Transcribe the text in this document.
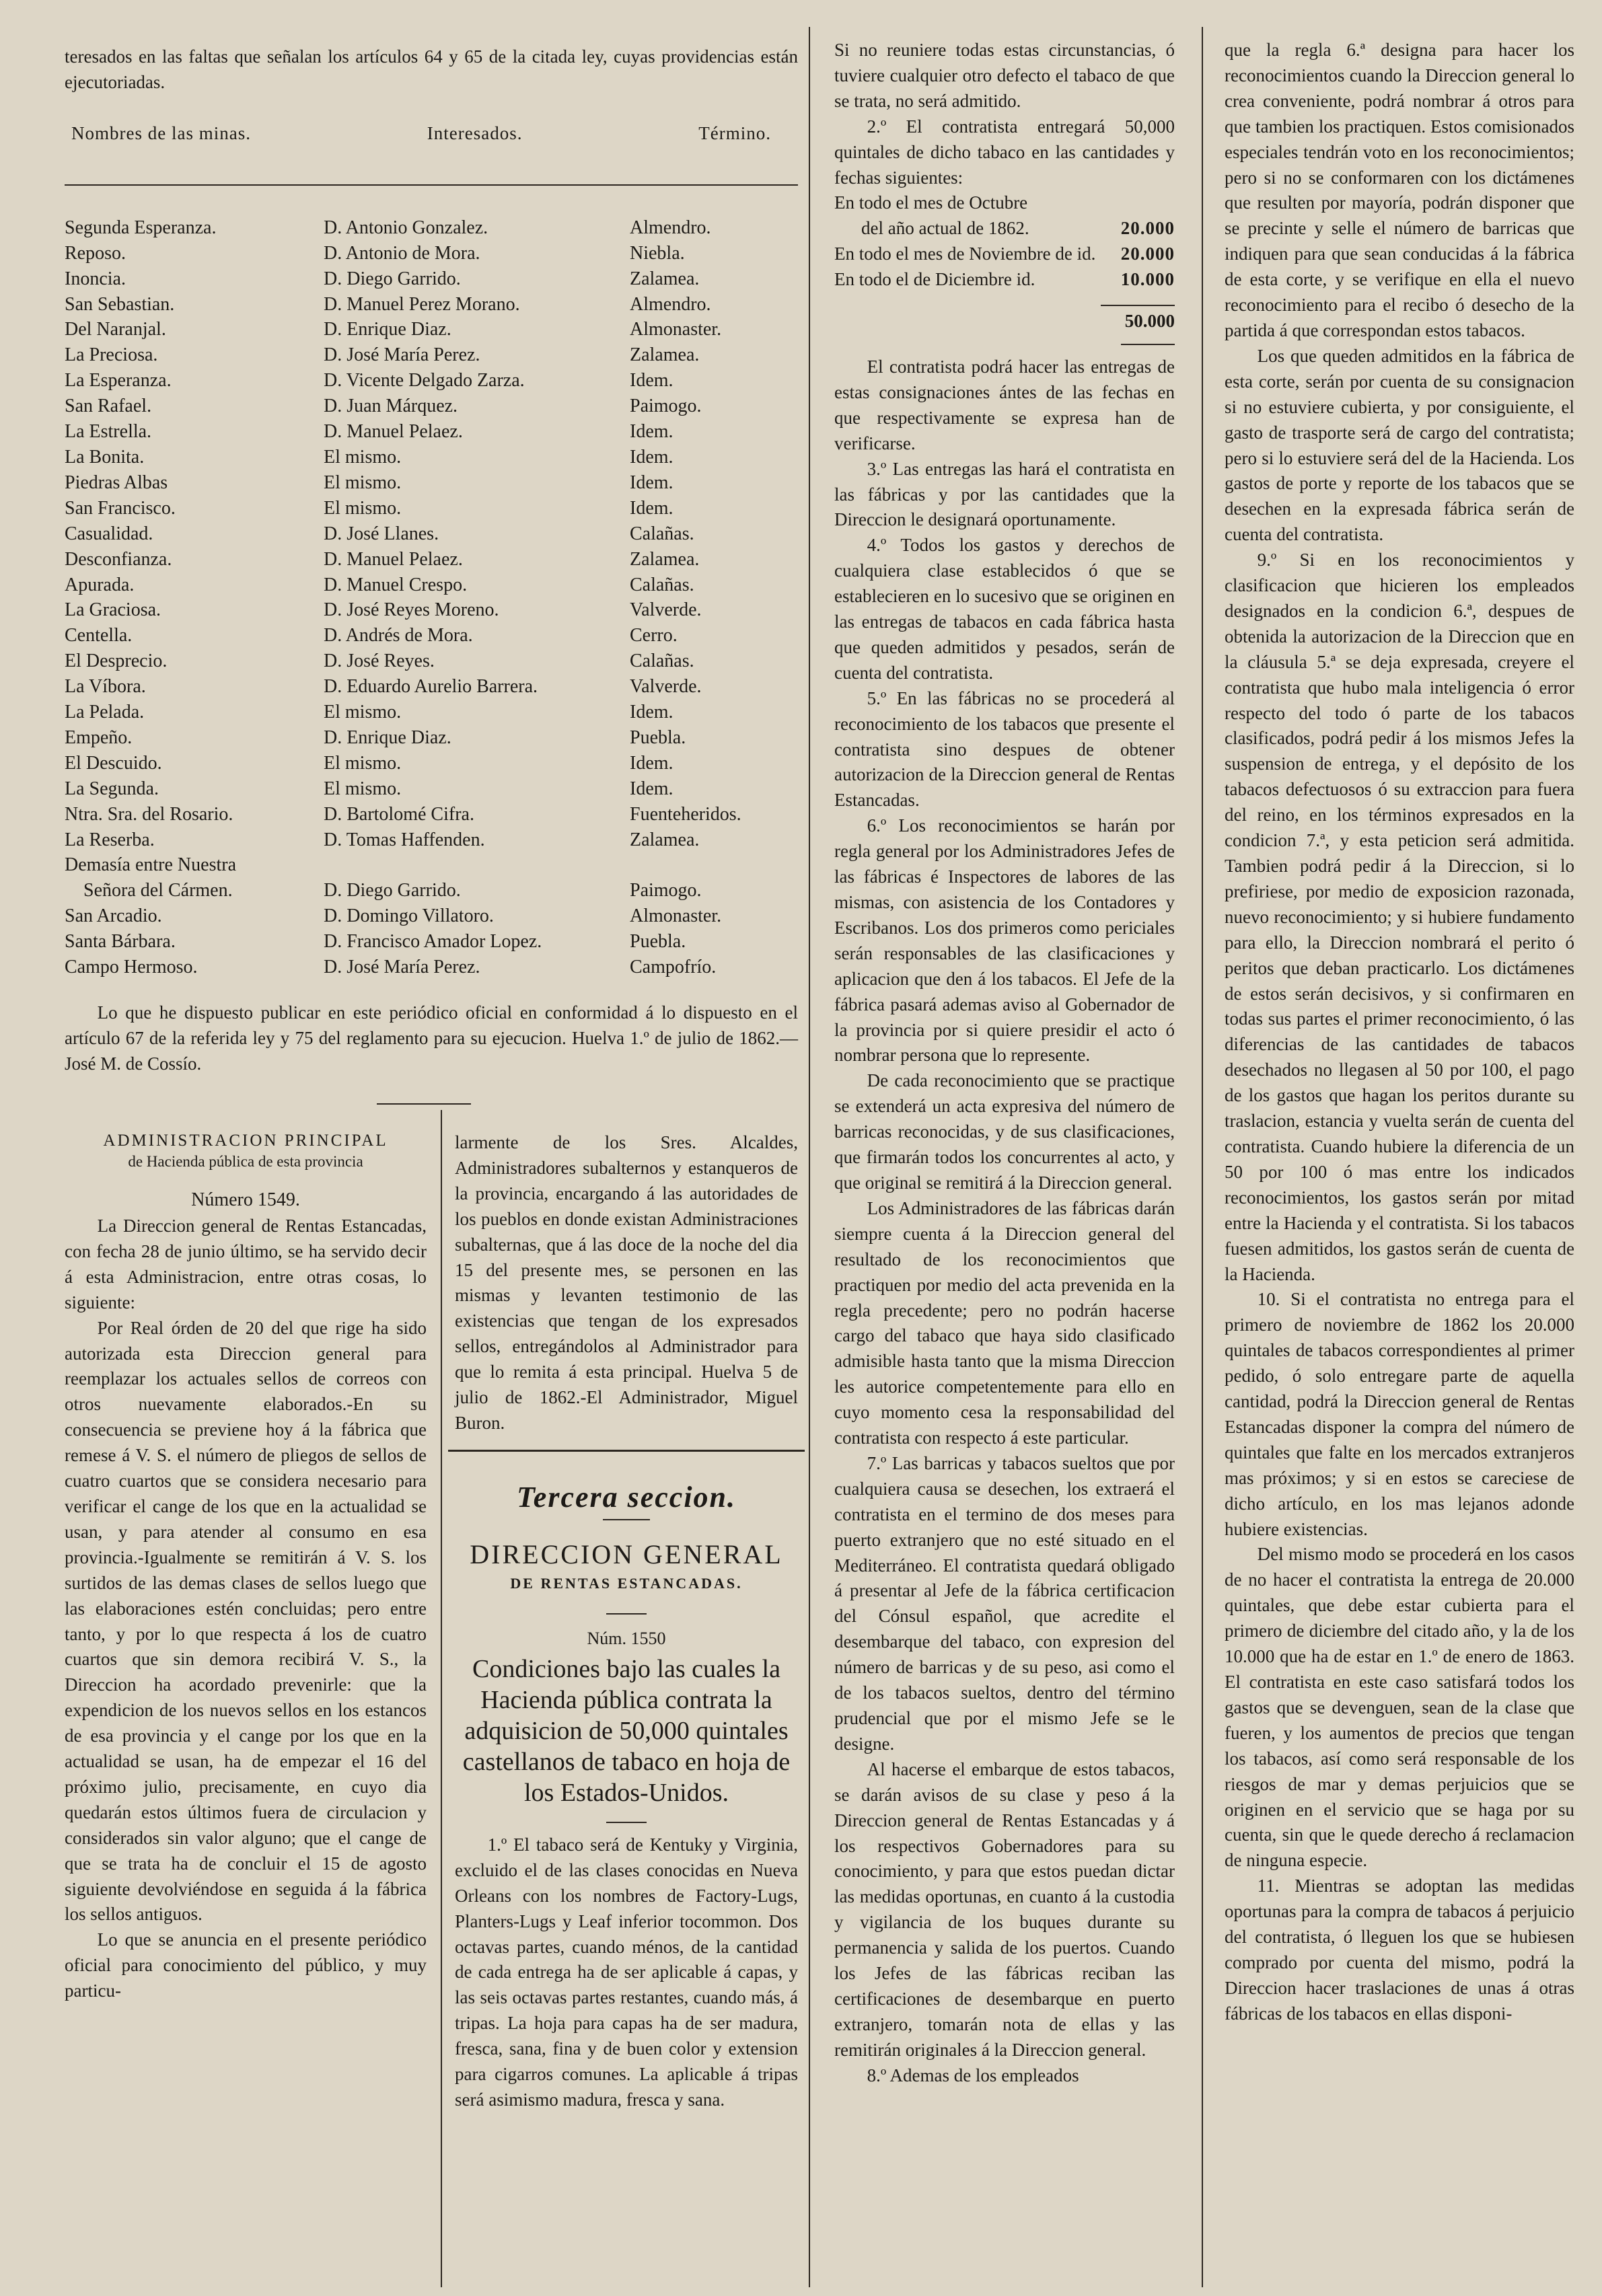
teresados en las faltas que señalan los artículos 64 y 65 de la citada ley, cuyas providencias están ejecutoriadas.

Nombres de las minas.	Interesados.	Término.
Segunda Esperanza.	D. Antonio Gonzalez.	Almendro.
Reposo.	D. Antonio de Mora.	Niebla.
Inoncia.	D. Diego Garrido.	Zalamea.
San Sebastian.	D. Manuel Perez Morano.	Almendro.
Del Naranjal.	D. Enrique Diaz.	Almonaster.
La Preciosa.	D. José María Perez.	Zalamea.
La Esperanza.	D. Vicente Delgado Zarza.	Idem.
San Rafael.	D. Juan Márquez.	Paimogo.
La Estrella.	D. Manuel Pelaez.	Idem.
La Bonita.	El mismo.	Idem.
Piedras Albas	El mismo.	Idem.
San Francisco.	El mismo.	Idem.
Casualidad.	D. José Llanes.	Calañas.
Desconfianza.	D. Manuel Pelaez.	Zalamea.
Apurada.	D. Manuel Crespo.	Calañas.
La Graciosa.	D. José Reyes Moreno.	Valverde.
Centella.	D. Andrés de Mora.	Cerro.
El Desprecio.	D. José Reyes.	Calañas.
La Víbora.	D. Eduardo Aurelio Barrera.	Valverde.
La Pelada.	El mismo.	Idem.
Empeño.	D. Enrique Diaz.	Puebla.
El Descuido.	El mismo.	Idem.
La Segunda.	El mismo.	Idem.
Ntra. Sra. del Rosario.	D. Bartolomé Cifra.	Fuenteheridos.
La Reserba.	D. Tomas Haffenden.	Zalamea.
Demasía entre Nuestra		
Señora del Cármen.	D. Diego Garrido.	Paimogo.
San Arcadio.	D. Domingo Villatoro.	Almonaster.
Santa Bárbara.	D. Francisco Amador Lopez.	Puebla.
Campo Hermoso.	D. José María Perez.	Campofrío.

Lo que he dispuesto publicar en este periódico oficial en conformidad á lo dispuesto en el artículo 67 de la referida ley y 75 del reglamento para su ejecucion. Huelva 1.º de julio de 1862.—José M. de Cossío.

ADMINISTRACION PRINCIPAL
de Hacienda pública de esta provincia
Número 1549.

La Direccion general de Rentas Estancadas, con fecha 28 de junio último, se ha servido decir á esta Administracion, entre otras cosas, lo siguiente:

Por Real órden de 20 del que rige ha sido autorizada esta Direccion general para reemplazar los actuales sellos de correos con otros nuevamente elaborados.-En su consecuencia se previene hoy á la fábrica que remese á V. S. el número de pliegos de sellos de cuatro cuartos que se considera necesario para verificar el cange de los que en la actualidad se usan, y para atender al consumo en esa provincia.-Igualmente se remitirán á V. S. los surtidos de las demas clases de sellos luego que las elaboraciones estén concluidas; pero entre tanto, y por lo que respecta á los de cuatro cuartos que sin demora recibirá V. S., la Direccion ha acordado prevenirle: que la expendicion de los nuevos sellos en los estancos de esa provincia y el cange por los que en la actualidad se usan, ha de empezar el 16 del próximo julio, precisamente, en cuyo dia quedarán estos últimos fuera de circulacion y considerados sin valor alguno; que el cange de que se trata ha de concluir el 15 de agosto siguiente devolviéndose en seguida á la fábrica los sellos antiguos.

Lo que se anuncia en el presente periódico oficial para conocimiento del público, y muy particu-

larmente de los Sres. Alcaldes, Administradores subalternos y estanqueros de la provincia, encargando á las autoridades de los pueblos en donde existan Administraciones subalternas, que á las doce de la noche del dia 15 del presente mes, se personen en las mismas y levanten testimonio de las existencias que tengan de los expresados sellos, entregándolos al Administrador para que lo remita á esta principal. Huelva 5 de julio de 1862.-El Administrador, Miguel Buron.

Tercera seccion.
DIRECCION GENERAL
DE RENTAS ESTANCADAS.
Núm. 1550
Condiciones bajo las cuales la Hacienda pública contrata la adquisicion de 50,000 quintales castellanos de tabaco en hoja de los Estados-Unidos.

1.º El tabaco será de Kentuky y Virginia, excluido el de las clases conocidas en Nueva Orleans con los nombres de Factory-Lugs, Planters-Lugs y Leaf inferior tocommon. Dos octavas partes, cuando ménos, de la cantidad de cada entrega ha de ser aplicable á capas, y las seis octavas partes restantes, cuando más, á tripas. La hoja para capas ha de ser madura, fresca, sana, fina y de buen color y extension para cigarros comunes. La aplicable á tripas será asimismo madura, fresca y sana.

Si no reuniere todas estas circunstancias, ó tuviere cualquier otro defecto el tabaco de que se trata, no será admitido.

2.º El contratista entregará 50,000 quintales de dicho tabaco en las cantidades y fechas siguientes:

En todo el mes de Octubre
del año actual de 1862.	20.000
En todo el mes de Noviembre de id. 20.000
En todo el de Diciembre id.	10.000
50.000

El contratista podrá hacer las entregas de estas consignaciones ántes de las fechas en que respectivamente se expresa han de verificarse.

3.º Las entregas las hará el contratista en las fábricas y por las cantidades que la Direccion le designará oportunamente.

4.º Todos los gastos y derechos de cualquiera clase establecidos ó que se establecieren en lo sucesivo que se originen en las entregas de tabacos en cada fábrica hasta que queden admitidos y pesados, serán de cuenta del contratista.

5.º En las fábricas no se procederá al reconocimiento de los tabacos que presente el contratista sino despues de obtener autorizacion de la Direccion general de Rentas Estancadas.

6.º Los reconocimientos se harán por regla general por los Administradores Jefes de las fábricas é Inspectores de labores de las mismas, con asistencia de los Contadores y Escribanos. Los dos primeros como periciales serán responsables de las clasificaciones y aplicacion que den á los tabacos. El Jefe de la fábrica pasará ademas aviso al Gobernador de la provincia por si quiere presidir el acto ó nombrar persona que lo represente.

De cada reconocimiento que se practique se extenderá un acta expresiva del número de barricas reconocidas, y de sus clasificaciones, que firmarán todos los concurrentes al acto, y que original se remitirá á la Direccion general.

Los Administradores de las fábricas darán siempre cuenta á la Direccion general del resultado de los reconocimientos que practiquen por medio del acta prevenida en la regla precedente; pero no podrán hacerse cargo del tabaco que haya sido clasificado admisible hasta tanto que la misma Direccion les autorice competentemente para ello en cuyo momento cesa la responsabilidad del contratista con respecto á este particular.

7.º Las barricas y tabacos sueltos que por cualquiera causa se desechen, los extraerá el contratista en el termino de dos meses para puerto extranjero que no esté situado en el Mediterráneo. El contratista quedará obligado á presentar al Jefe de la fábrica certificacion del Cónsul español, que acredite el desembarque del tabaco, con expresion del número de barricas y de su peso, asi como el de los tabacos sueltos, dentro del término prudencial que por el mismo Jefe se le designe.

Al hacerse el embarque de estos tabacos, se darán avisos de su clase y peso á la Direccion general de Rentas Estancadas y á los respectivos Gobernadores para su conocimiento, y para que estos puedan dictar las medidas oportunas, en cuanto á la custodia y vigilancia de los buques durante su permanencia y salida de los puertos. Cuando los Jefes de las fábricas reciban las certificaciones de desembarque en puerto extranjero, tomarán nota de ellas y las remitirán originales á la Direccion general.

8.º Ademas de los empleados

que la regla 6.ª designa para hacer los reconocimientos cuando la Direccion general lo crea conveniente, podrá nombrar á otros para que tambien los practiquen. Estos comisionados especiales tendrán voto en los reconocimientos; pero si no se conformaren con los dictámenes que resulten por mayoría, podrán disponer que se precinte y selle el número de barricas que indiquen para que sean conducidas á la fábrica de esta corte, y se verifique en ella el nuevo reconocimiento para el recibo ó desecho de la partida á que correspondan estos tabacos.

Los que queden admitidos en la fábrica de esta corte, serán por cuenta de su consignacion si no estuviere cubierta, y por consiguiente, el gasto de trasporte será de cargo del contratista; pero si lo estuviere será del de la Hacienda. Los gastos de porte y reporte de los tabacos que se desechen en la expresada fábrica serán de cuenta del contratista.

9.º Si en los reconocimientos y clasificacion que hicieren los empleados designados en la condicion 6.ª, despues de obtenida la autorizacion de la Direccion que en la cláusula 5.ª se deja expresada, creyere el contratista que hubo mala inteligencia ó error respecto del todo ó parte de los tabacos clasificados, podrá pedir á los mismos Jefes la suspension de entrega, y el depósito de los tabacos defectuosos ó su extraccion para fuera del reino, en los términos expresados en la condicion 7.ª, y esta peticion será admitida. Tambien podrá pedir á la Direccion, si lo prefiriese, por medio de exposicion razonada, nuevo reconocimiento; y si hubiere fundamento para ello, la Direccion nombrará el perito ó peritos que deban practicarlo. Los dictámenes de estos serán decisivos, y si confirmaren en todas sus partes el primer reconocimiento, ó las diferencias de las cantidades de tabacos desechados no llegasen al 50 por 100, el pago de los gastos que hagan los peritos durante su traslacion, estancia y vuelta serán de cuenta del contratista. Cuando hubiere la diferencia de un 50 por 100 ó mas entre los indicados reconocimientos, los gastos serán por mitad entre la Hacienda y el contratista. Si los tabacos fuesen admitidos, los gastos serán de cuenta de la Hacienda.

10. Si el contratista no entrega para el primero de noviembre de 1862 los 20.000 quintales de tabacos correspondientes al primer pedido, ó solo entregare parte de aquella cantidad, podrá la Direccion general de Rentas Estancadas disponer la compra del número de quintales que falte en los mercados extranjeros mas próximos; y si en estos se careciese de dicho artículo, en los mas lejanos adonde hubiere existencias.

Del mismo modo se procederá en los casos de no hacer el contratista la entrega de 20.000 quintales, que debe estar cubierta para el primero de diciembre del citado año, y la de los 10.000 que ha de estar en 1.º de enero de 1863. El contratista en este caso satisfará todos los gastos que se devenguen, sean de la clase que fueren, y los aumentos de precios que tengan los tabacos, así como será responsable de los riesgos de mar y demas perjuicios que se originen en el servicio que se haga por su cuenta, sin que le quede derecho á reclamacion de ninguna especie.

11. Mientras se adoptan las medidas oportunas para la compra de tabacos á perjuicio del contratista, ó lleguen los que se hubiesen comprado por cuenta del mismo, podrá la Direccion hacer traslaciones de unas á otras fábricas de los tabacos en ellas disponi-
